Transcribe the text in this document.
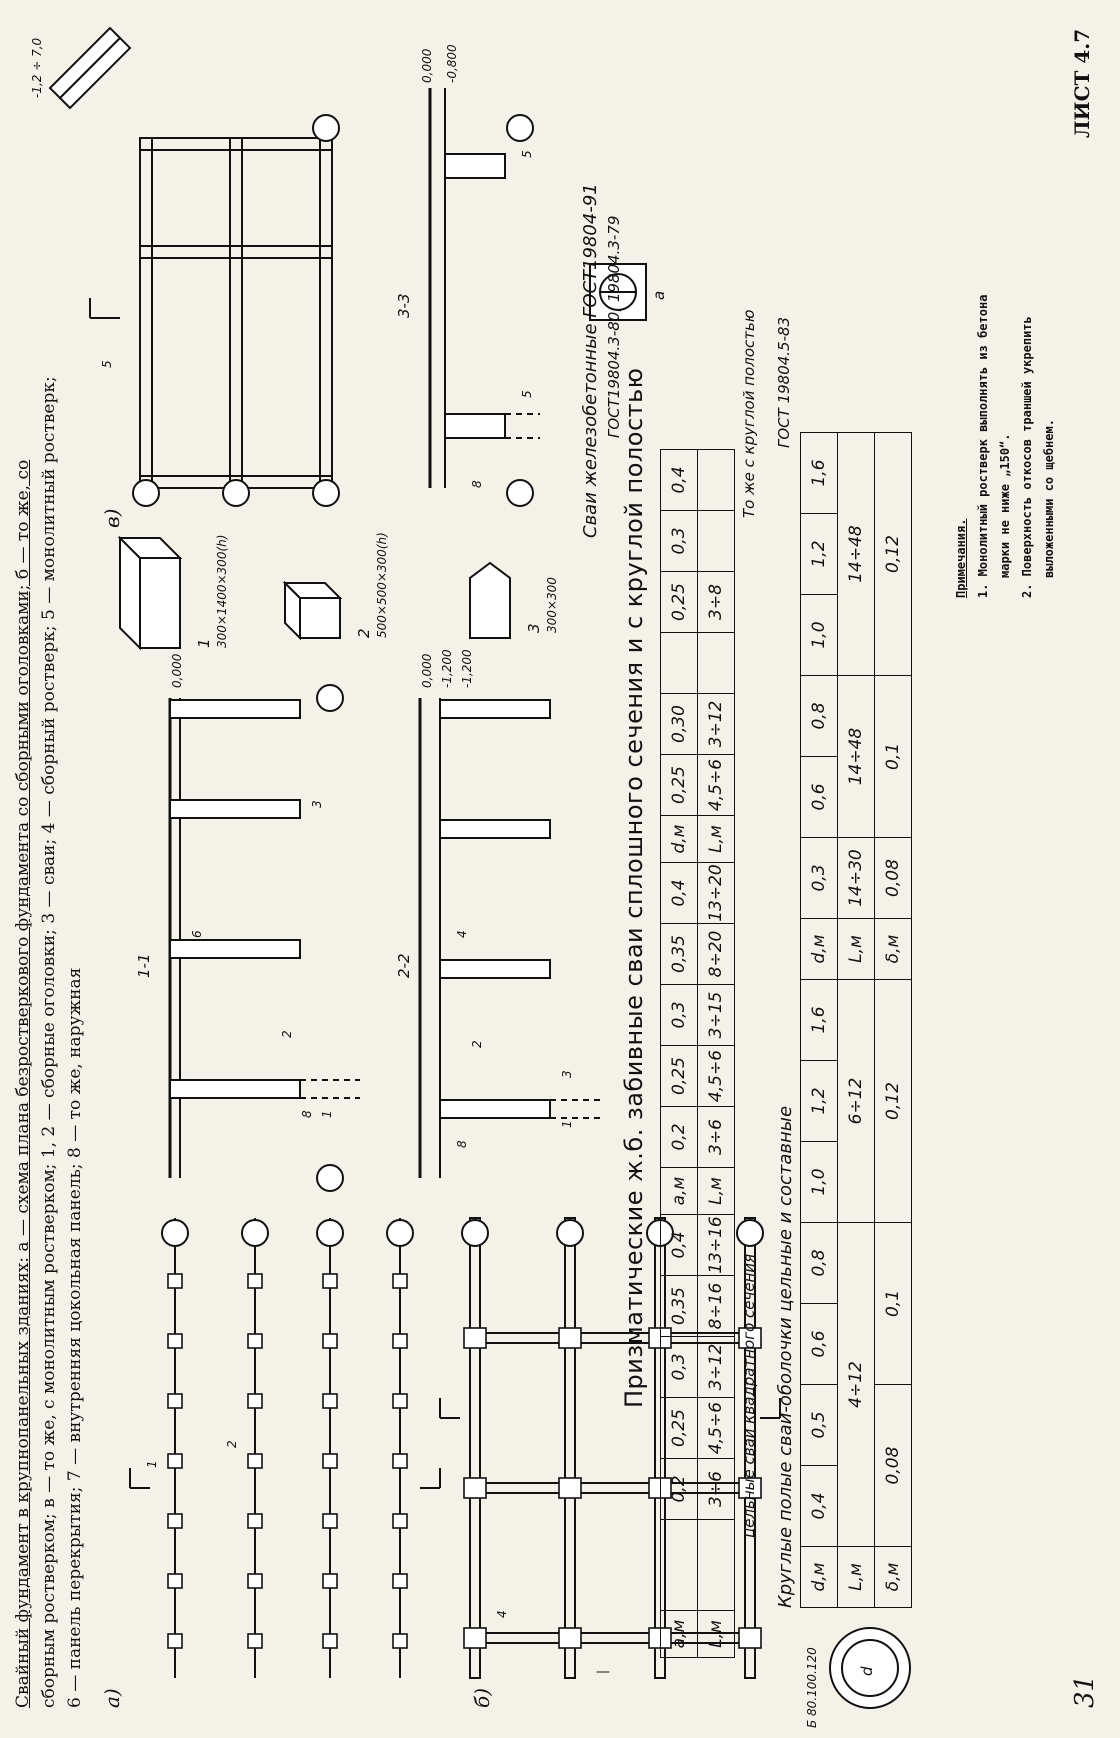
Свайный фундамент в крупнопанельных зданиях: а — схема плана безростверкового фундамента со сборными оголовками; б — то же, со сборным ростверком; в — то же, с монолитным ростверком; 1, 2 — сборные оголовки; 3 — сваи; 4 — сборный ростверк; 5 — монолитный ростверк; 6 — панель перекрытия; 7 — внутренняя цокольная панель; 8 — то же, наружная	—
а)	б)
в)
1-1	2-2
3-3
0,000	0,000 -1,200 -1,200
0,000 -0,800
-1,2 ÷ 7,0
1 300×1400×300(h)	2 500×500×300(h)	3 300×300
1
2
4
1
8
2
3
6	4
2
3
8
1
5
5
5
8	Призматические ж.б. забивные сваи сплошного сечения и с круглой полостью
Сваи железобетонные ГОСТ19804-91 ГОСТ19804.3-80, 19804.3-79
а,м		0,2	0,25	0,3	0,35	0,4	а,м	0,2	0,25	0,3	0,35	0,4	d,м	0,25	0,30		0,25	0,3	0,4
L,м		3÷6	4,5÷6	3÷12	8÷16	13÷16	L,м	3÷6	4,5÷6	3÷15	8÷20	13÷20	L,м	4,5÷6	3÷12		3÷8		
цельные сваи квадратного сечения
То же с круглой полостью
Круглые полые сваи-оболочки цельные и составные
ГОСТ 19804.5-83
d,м	0,4	0,5	0,6	0,8	1,0	1,2	1,6	d,м	0,3	0,6	0,8	1,0	1,2	1,6
L,м	4÷12				6÷12			L,м	14÷30	14÷48		14÷48		
δ,м	0,08		0,1		0,12			δ,м	0,08	0,1		0,12		
Б 80.100.120	d
а
Примечания. 1. Монолитный ростверк выполнять из бетона марки не ниже „150“. 2. Поверхность откосов траншей укрепить выложенными со щебнем.
ЛИСТ 4.7
31
